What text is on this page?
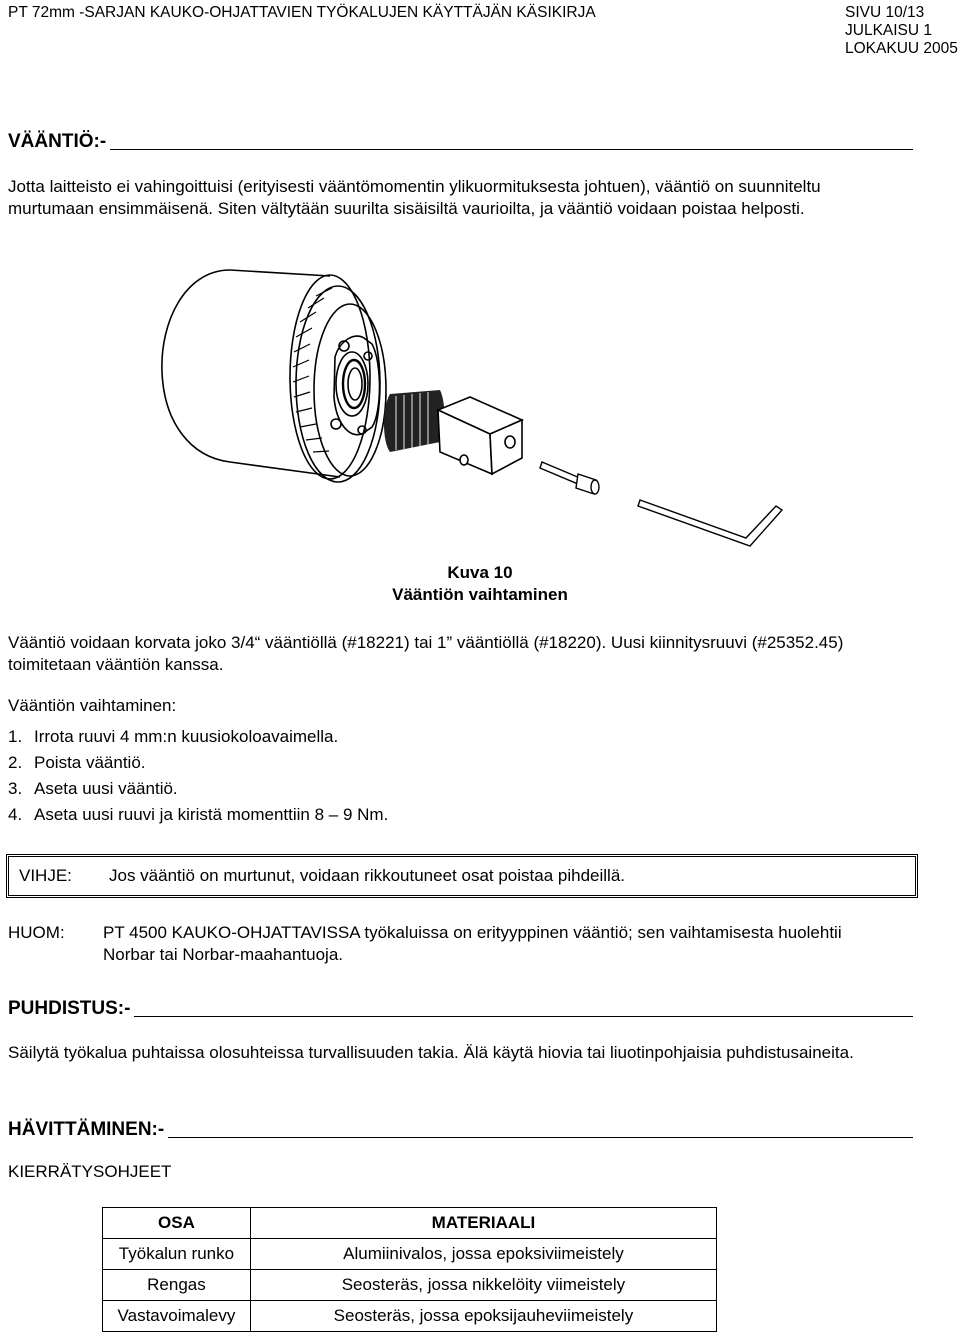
PT 72mm -SARJAN KAUKO-OHJATTAVIEN TYÖKALUJEN KÄYTTÄJÄN KÄSIKIRJA	SIVU 10/13
JULKAISU 1
LOKAKUU 2005
VÄÄNTIÖ:-
Jotta laitteisto ei vahingoittuisi (erityisesti vääntömomentin ylikuormituksesta johtuen), vääntiö on suunniteltu murtumaan ensimmäisenä. Siten vältytään suurilta sisäisiltä vaurioilta, ja vääntiö voidaan poistaa helposti.
Kuva 10
Vääntiön vaihtaminen
Vääntiö voidaan korvata joko 3/4“ vääntiöllä (#18221) tai 1” vääntiöllä (#18220). Uusi kiinnitysruuvi (#25352.45) toimitetaan vääntiön kanssa.
Vääntiön vaihtaminen:
1. Irrota ruuvi 4 mm:n kuusiokoloavaimella.
2. Poista vääntiö.
3. Aseta uusi vääntiö.
4. Aseta uusi ruuvi ja kiristä momenttiin 8 – 9 Nm.
VIHJE:	Jos vääntiö on murtunut, voidaan rikkoutuneet osat poistaa pihdeillä.
HUOM:	PT 4500 KAUKO-OHJATTAVISSA työkaluissa on erityyppinen vääntiö; sen vaihtamisesta huolehtii Norbar tai Norbar-maahantuoja.
PUHDISTUS:-
Säilytä työkalua puhtaissa olosuhteissa turvallisuuden takia. Älä käytä hiovia tai liuotinpohjaisia puhdistusaineita.
HÄVITTÄMINEN:-
KIERRÄTYSOHJEET
OSA	MATERIAALI
Työkalun runko	Alumiinivalos, jossa epoksiviimeistely
Rengas	Seosteräs, jossa nikkelöity viimeistely
Vastavoimalevy	Seosteräs, jossa epoksijauheviimeistely
